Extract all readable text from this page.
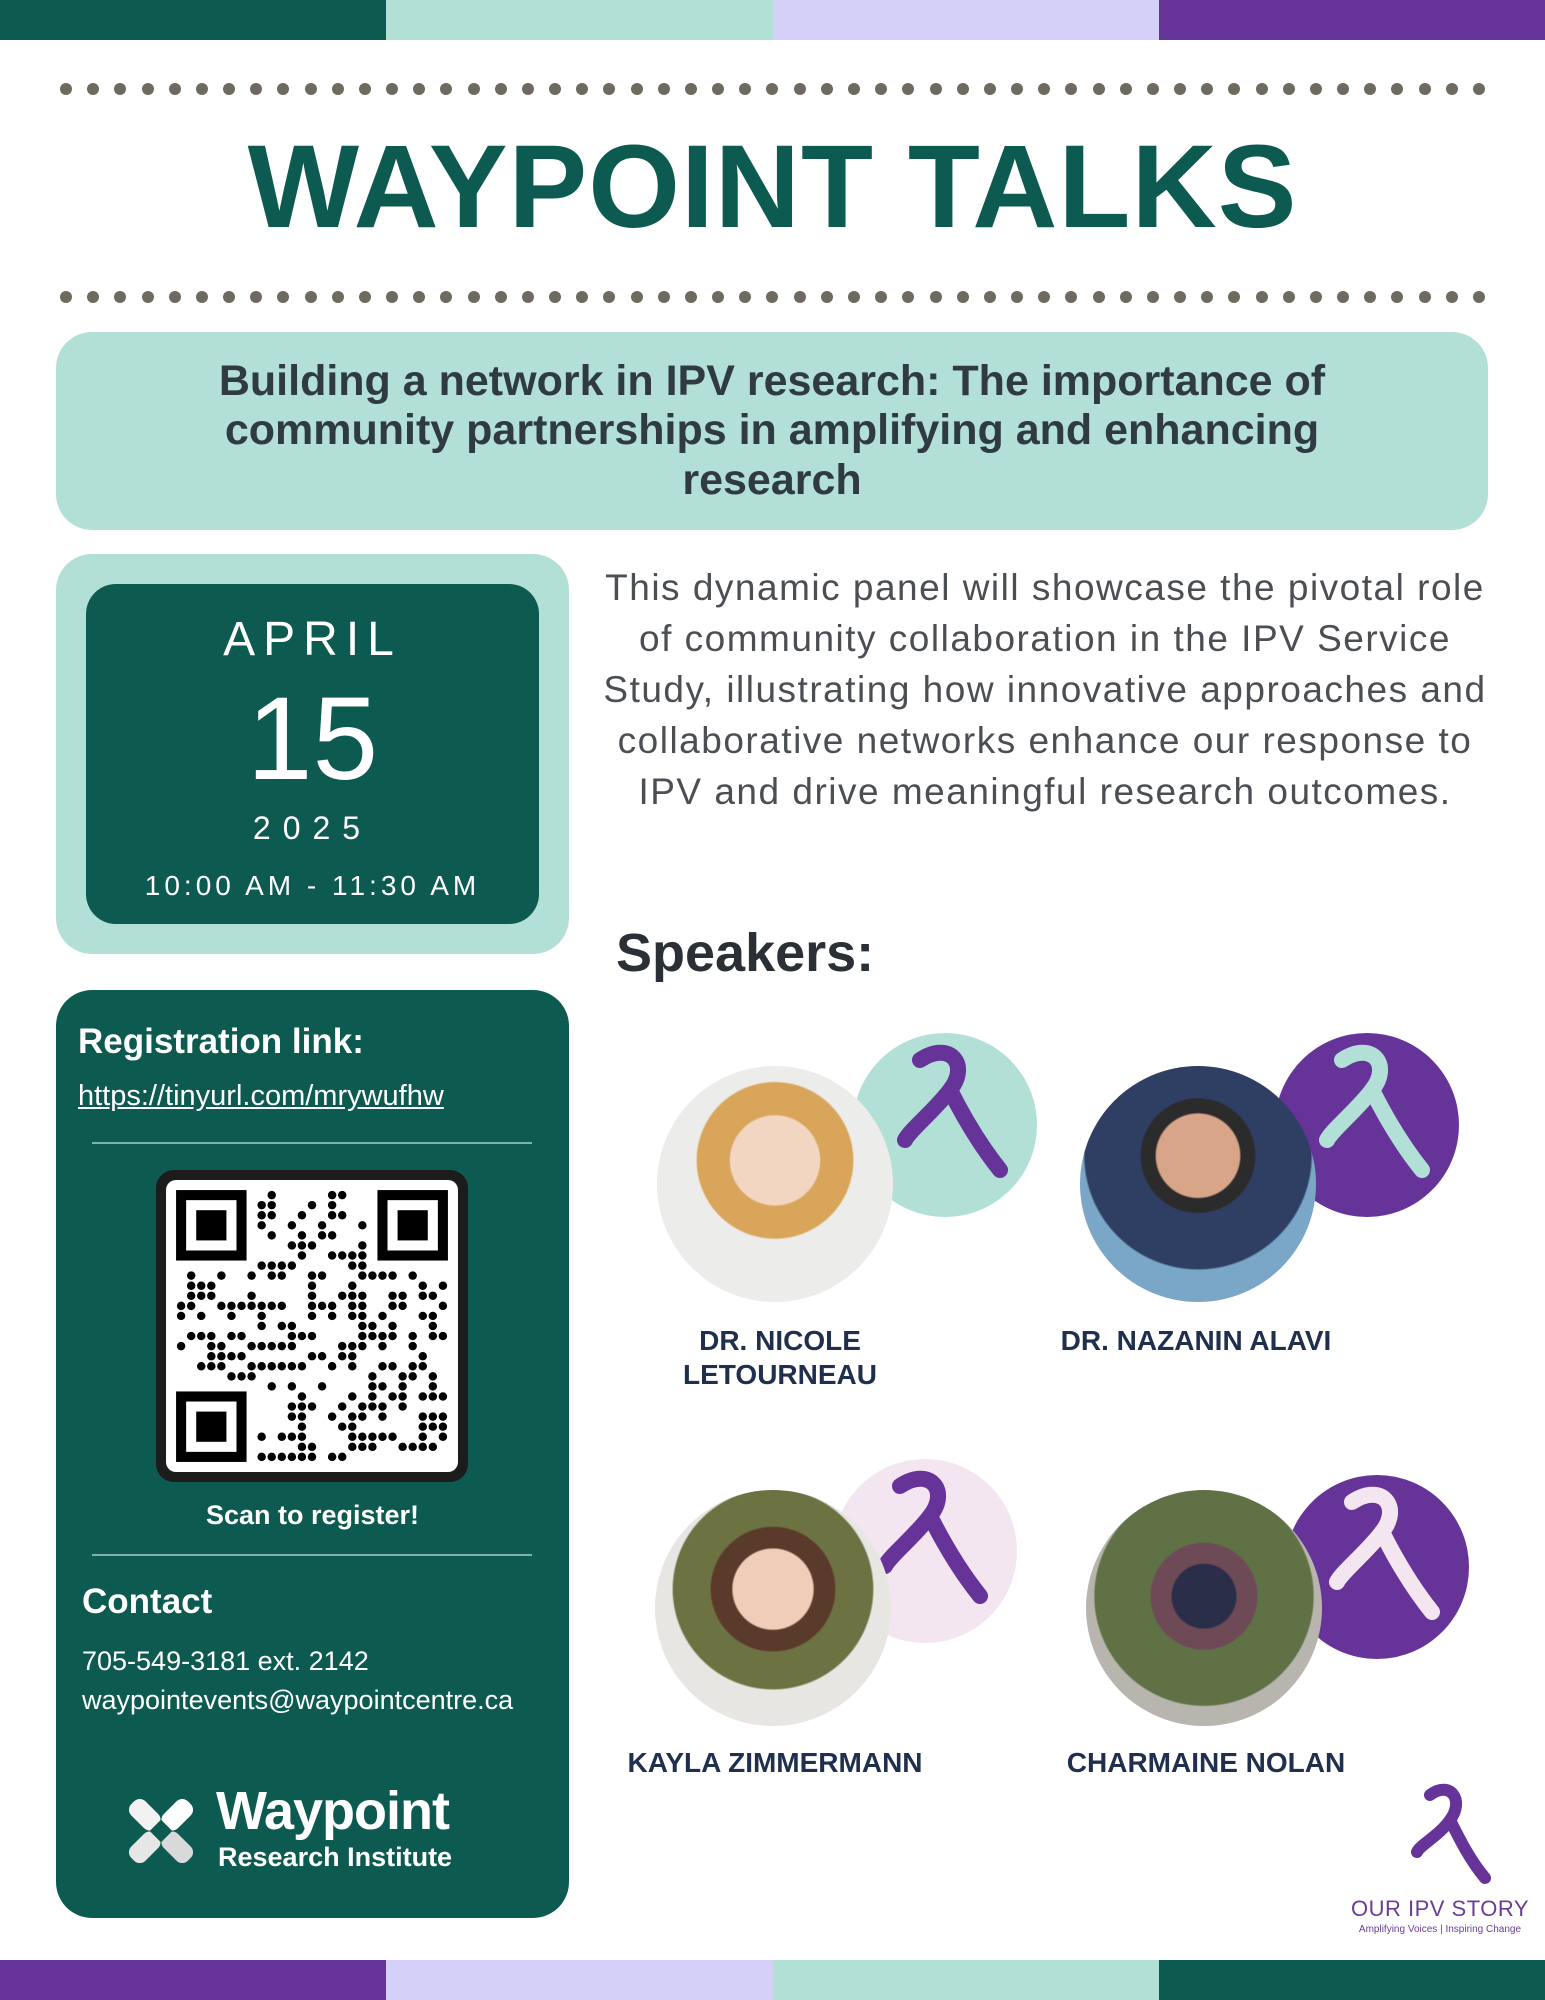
WAYPOINT TALKS
Building a network in IPV research: The importance of community partnerships in amplifying and enhancing research
APRIL
15
2025
10:00 AM - 11:30 AM

This dynamic panel will showcase the pivotal role of community collaboration in the IPV Service Study, illustrating how innovative approaches and collaborative networks enhance our response to IPV and drive meaningful research outcomes.

Speakers:
Registration link:
https://tinyurl.com/mrywufhw
Scan to register!
Contact
705-549-3181 ext. 2142
waypointevents@waypointcentre.ca
Waypoint
Research Institute
DR. NICOLE
LETOURNEAU
DR. NAZANIN ALAVI
KAYLA ZIMMERMANN	CHARMAINE NOLAN
OUR IPV STORY
Amplifying Voices | Inspiring Change
